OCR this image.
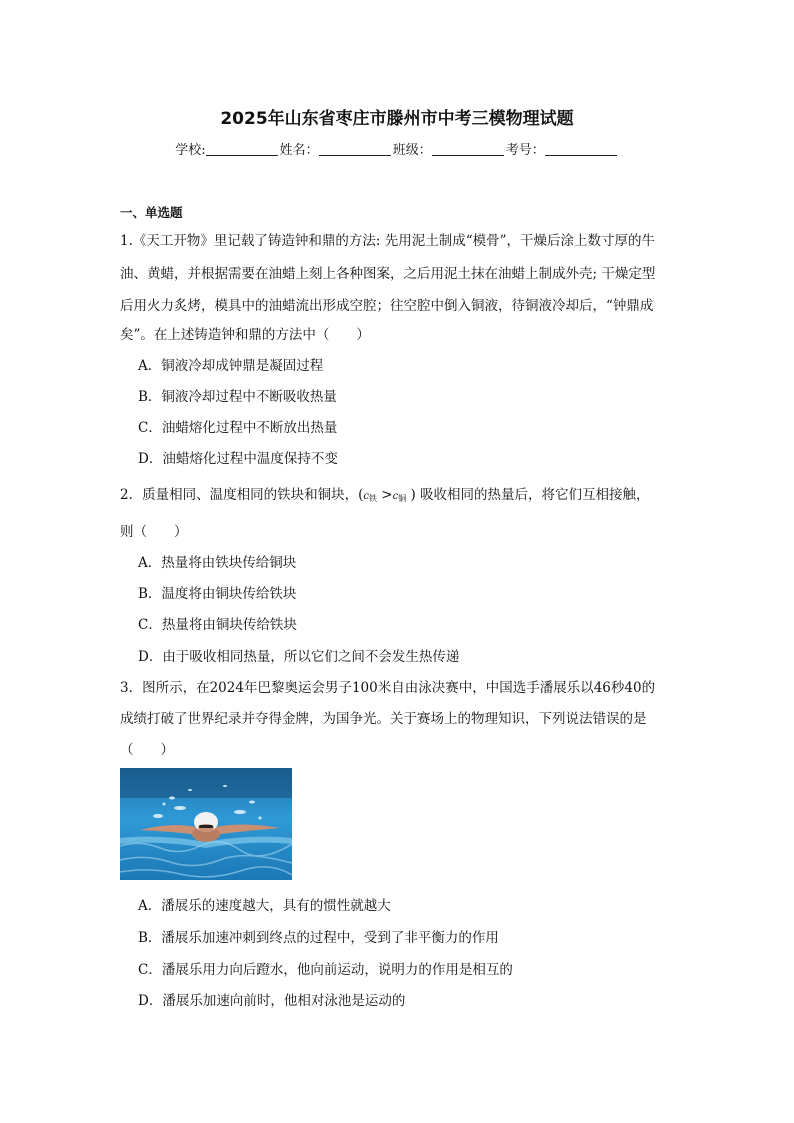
2025年山东省枣庄市滕州市中考三模物理试题
学校:	姓名：	班级：	考号：
一、单选题
1.《天工开物》里记载了铸造钟和鼎的方法: 先用泥土制成“模骨”，干燥后涂上数寸厚的牛
油、黄蜡，并根据需要在油蜡上刻上各种图案，之后用泥土抹在油蜡上制成外壳; 干燥定型
后用火力炙烤，模具中的油蜡流出形成空腔；往空腔中倒入铜液，待铜液冷却后，“钟鼎成
矣”。在上述铸造钟和鼎的方法中（　　）
A．铜液冷却成钟鼎是凝固过程
B．铜液冷却过程中不断吸收热量
C．油蜡熔化过程中不断放出热量
D．油蜡熔化过程中温度保持不变
2．质量相同、温度相同的铁块和铜块，($c_铁 >c_铜$ ) 吸收相同的热量后，将它们互相接触，
则（　　）
A．热量将由铁块传给铜块
B．温度将由铜块传给铁块
C．热量将由铜块传给铁块
D．由于吸收相同热量，所以它们之间不会发生热传递
3．图所示，在2024年巴黎奥运会男子100米自由泳决赛中，中国选手潘展乐以46秒40的
成绩打破了世界纪录并夺得金牌，为国争光。关于赛场上的物理知识，下列说法错误的是
（　　）
A．潘展乐的速度越大，具有的惯性就越大
B．潘展乐加速冲刺到终点的过程中，受到了非平衡力的作用
C．潘展乐用力向后蹬水，他向前运动，说明力的作用是相互的
D．潘展乐加速向前时，他相对泳池是运动的
